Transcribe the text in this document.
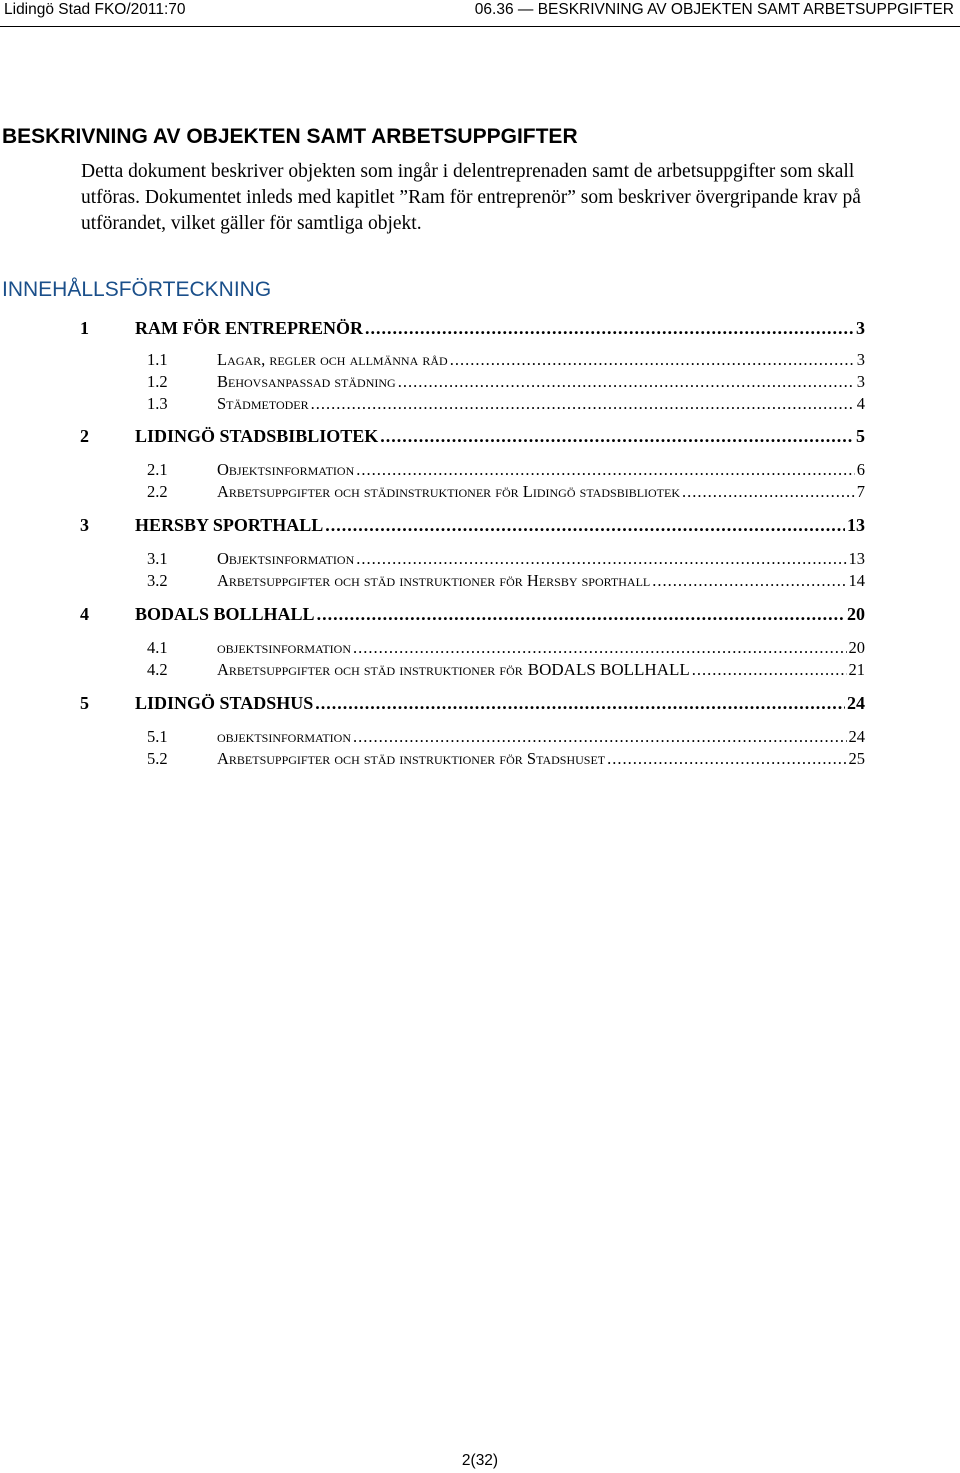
Lidingö Stad FKO/2011:70	06.36 — BESKRIVNING AV OBJEKTEN SAMT ARBETSUPPGIFTER
BESKRIVNING AV OBJEKTEN SAMT ARBETSUPPGIFTER

Detta dokument beskriver objekten som ingår i delentreprenaden samt de arbetsuppgifter som skall utföras. Dokumentet inleds med kapitlet ”Ram för entreprenör” som beskriver övergripande krav på utförandet, vilket gäller för samtliga objekt.

INNEHÅLLSFÖRTECKNING
1	RAM FÖR ENTREPRENÖR .....	3
1.1	Lagar, regler och allmänna råd .....	3
1.2	Behovsanpassad städning .....	3
1.3	Städmetoder .....	4
2	LIDINGÖ STADSBIBLIOTEK .....	5
2.1	Objektsinformation .....	6
2.2	Arbetsuppgifter och städinstruktioner för Lidingö stadsbibliotek .....	7
3	HERSBY SPORTHALL .....	13
3.1	Objektsinformation .....	13
3.2	Arbetsuppgifter och städ instruktioner för Hersby sporthall .....	14
4	BODALS BOLLHALL .....	20
4.1	objektsinformation .....	20
4.2	Arbetsuppgifter och städ instruktioner för BODALS BOLLHALL .....	21
5	LIDINGÖ STADSHUS .....	24
5.1	objektsinformation .....	24
5.2	Arbetsuppgifter och städ instruktioner för Stadshuset .....	25
2(32)
